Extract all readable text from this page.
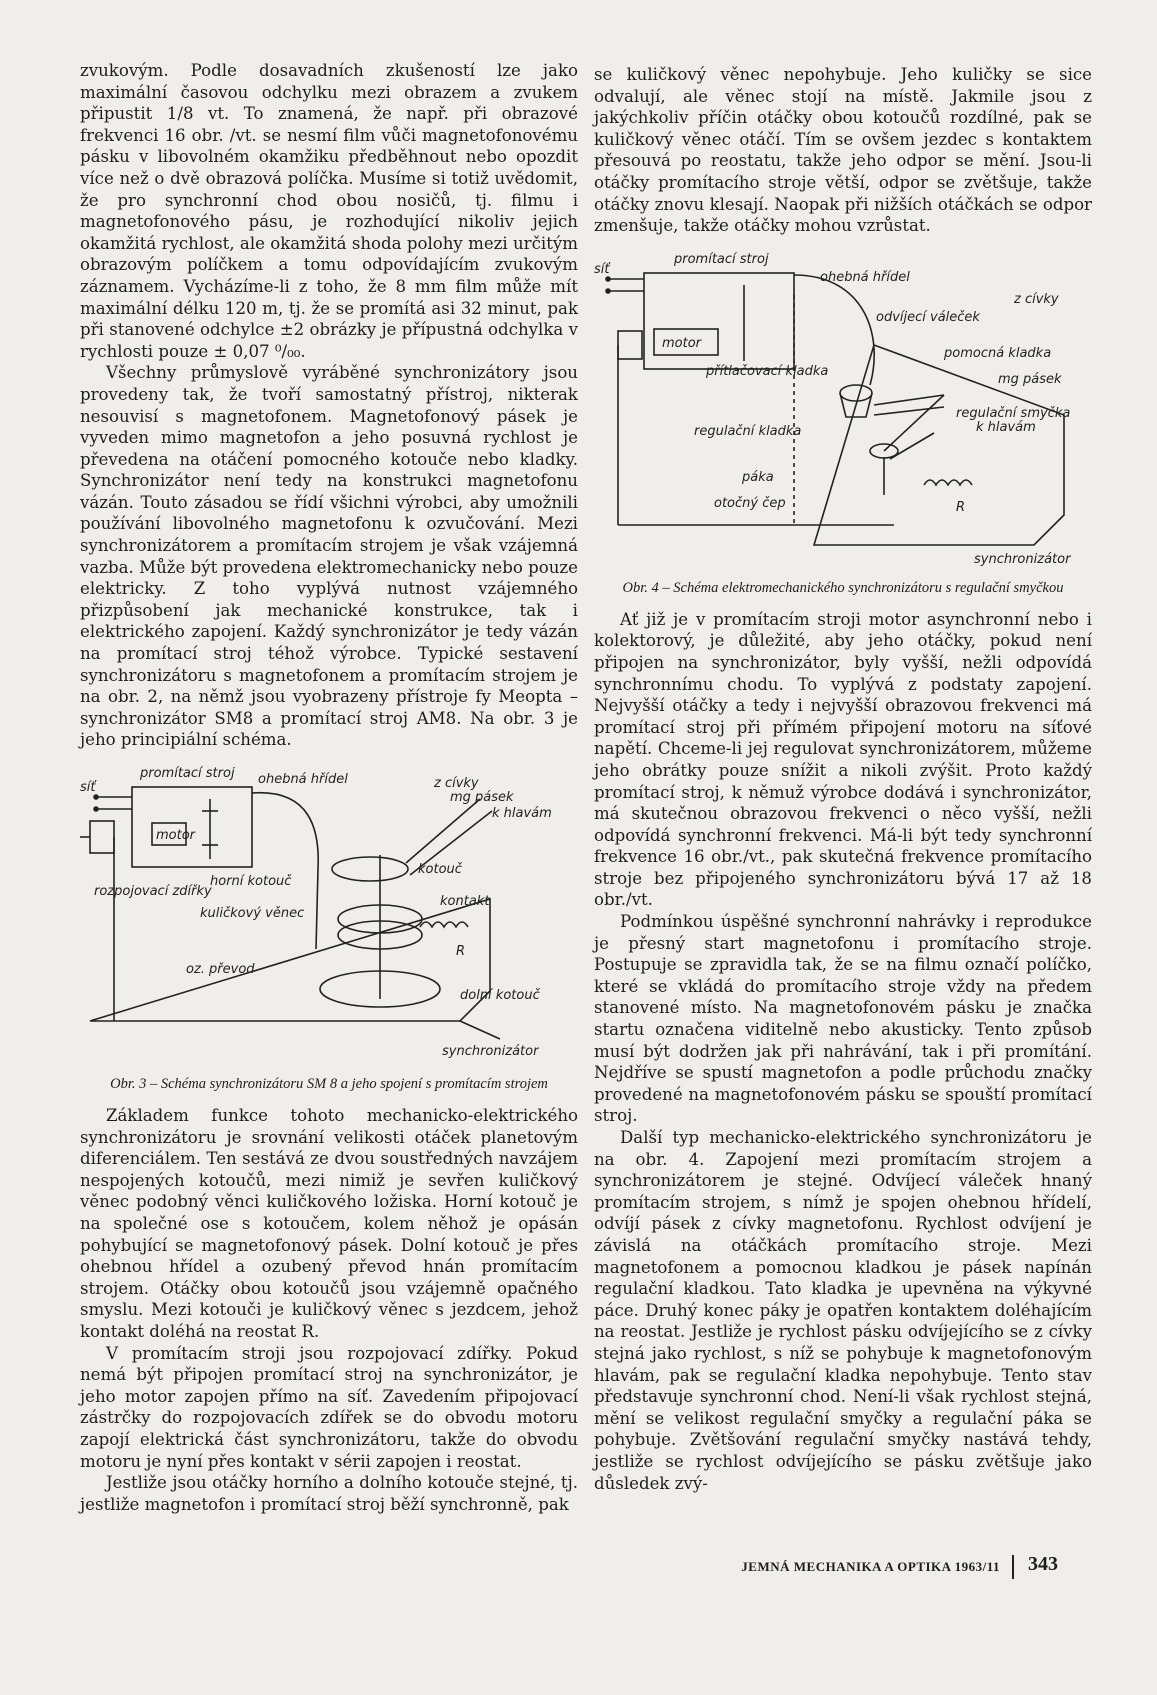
zvukovým. Podle dosavadních zkušeností lze jako maximální časovou odchylku mezi obrazem a zvukem připustit 1/8 vt. To znamená, že např. při obrazové frekvenci 16 obr. /vt. se nesmí film vůči magnetofonovému pásku v libovolném okamžiku předběhnout nebo opozdit více než o dvě obrazová políčka. Musíme si totiž uvědomit, že pro synchronní chod obou nosičů, tj. filmu i magnetofonového pásu, je rozhodující nikoliv jejich okamžitá rychlost, ale okamžitá shoda polohy mezi určitým obrazovým políčkem a tomu odpovídajícím zvukovým záznamem. Vycházíme-li z toho, že 8 mm film může mít maximální délku 120 m, tj. že se promítá asi 32 minut, pak při stanovené odchylce ±2 obrázky je přípustná odchylka v rychlosti pouze ± 0,07 ⁰/₀₀.

Všechny průmyslově vyráběné synchronizátory jsou provedeny tak, že tvoří samostatný přístroj, nikterak nesouvisí s magnetofonem. Magnetofonový pásek je vyveden mimo magnetofon a jeho posuvná rychlost je převedena na otáčení pomocného kotouče nebo kladky. Synchronizátor není tedy na konstrukci magnetofonu vázán. Touto zásadou se řídí všichni výrobci, aby umožnili používání libovolného magnetofonu k ozvučování. Mezi synchronizátorem a promítacím strojem je však vzájemná vazba. Může být provedena elektromechanicky nebo pouze elektricky. Z toho vyplývá nutnost vzájemného přizpůsobení jak mechanické konstrukce, tak i elektrického zapojení. Každý synchronizátor je tedy vázán na promítací stroj téhož výrobce. Typické sestavení synchronizátoru s magnetofonem a promítacím strojem je na obr. 2, na němž jsou vyobrazeny přístroje fy Meopta – synchronizátor SM8 a promítací stroj AM8. Na obr. 3 je jeho principiální schéma.

promítací stroj
síť
motor
ohebná hřídel	z cívky
mg pásek
k hlavám
horní kotouč
kotouč
rozpojovací zdířky
kontakt
kuličkový věnec
R
oz. převod
dolní kotouč
synchronizátor
Obr. 3 – Schéma synchronizátoru SM 8 a jeho spojení s promítacím strojem

Základem funkce tohoto mechanicko-elektrického synchronizátoru je srovnání velikosti otáček planetovým diferenciálem. Ten sestává ze dvou soustředných navzájem nespojených kotoučů, mezi nimiž je sevřen kuličkový věnec podobný věnci kuličkového ložiska. Horní kotouč je na společné ose s kotoučem, kolem něhož je opásán pohybující se magnetofonový pásek. Dolní kotouč je přes ohebnou hřídel a ozubený převod hnán promítacím strojem. Otáčky obou kotoučů jsou vzájemně opačného smyslu. Mezi kotouči je kuličkový věnec s jezdcem, jehož kontakt doléhá na reostat R.

V promítacím stroji jsou rozpojovací zdířky. Pokud nemá být připojen promítací stroj na synchronizátor, je jeho motor zapojen přímo na síť. Zavedením připojovací zástrčky do rozpojovacích zdířek se do obvodu motoru zapojí elektrická část synchronizátoru, takže do obvodu motoru je nyní přes kontakt v sérii zapojen i reostat.

Jestliže jsou otáčky horního a dolního kotouče stejné, tj. jestliže magnetofon i promítací stroj běží synchronně, pak

se kuličkový věnec nepohybuje. Jeho kuličky se sice odvalují, ale věnec stojí na místě. Jakmile jsou z jakýchkoliv příčin otáčky obou kotoučů rozdílné, pak se kuličkový věnec otáčí. Tím se ovšem jezdec s kontaktem přesouvá po reostatu, takže jeho odpor se mění. Jsou-li otáčky promítacího stroje větší, odpor se zvětšuje, takže otáčky znovu klesají. Naopak při nižších otáčkách se odpor zmenšuje, takže otáčky mohou vzrůstat.

promítací stroj
síť
motor
ohebná hřídel
odvíjecí váleček
z cívky
pomocná kladka
mg pásek
přítlačovací kladka
regulační smyčka
k hlavám
regulační kladka
páka
otočný čep	R
synchronizátor
Obr. 4 – Schéma elektromechanického synchronizátoru s regulační smyčkou

Ať již je v promítacím stroji motor asynchronní nebo i kolektorový, je důležité, aby jeho otáčky, pokud není připojen na synchronizátor, byly vyšší, nežli odpovídá synchronnímu chodu. To vyplývá z podstaty zapojení. Nejvyšší otáčky a tedy i nejvyšší obrazovou frekvenci má promítací stroj při přímém připojení motoru na síťové napětí. Chceme-li jej regulovat synchronizátorem, můžeme jeho obrátky pouze snížit a nikoli zvýšit. Proto každý promítací stroj, k němuž výrobce dodává i synchronizátor, má skutečnou obrazovou frekvenci o něco vyšší, nežli odpovídá synchronní frekvenci. Má-li být tedy synchronní frekvence 16 obr./vt., pak skutečná frekvence promítacího stroje bez připojeného synchronizátoru bývá 17 až 18 obr./vt.

Podmínkou úspěšné synchronní nahrávky i reprodukce je přesný start magnetofonu i promítacího stroje. Postupuje se zpravidla tak, že se na filmu označí políčko, které se vkládá do promítacího stroje vždy na předem stanovené místo. Na magnetofonovém pásku je značka startu označena viditelně nebo akusticky. Tento způsob musí být dodržen jak při nahrávání, tak i při promítání. Nejdříve se spustí magnetofon a podle průchodu značky provedené na magnetofonovém pásku se spouští promítací stroj.

Další typ mechanicko-elektrického synchronizátoru je na obr. 4. Zapojení mezi promítacím strojem a synchronizátorem je stejné. Odvíjecí váleček hnaný promítacím strojem, s nímž je spojen ohebnou hřídelí, odvíjí pásek z cívky magnetofonu. Rychlost odvíjení je závislá na otáčkách promítacího stroje. Mezi magnetofonem a pomocnou kladkou je pásek napínán regulační kladkou. Tato kladka je upevněna na výkyvné páce. Druhý konec páky je opatřen kontaktem doléhajícím na reostat. Jestliže je rychlost pásku odvíjejícího se z cívky stejná jako rychlost, s níž se pohybuje k magnetofonovým hlavám, pak se regulační kladka nepohybuje. Tento stav představuje synchronní chod. Není-li však rychlost stejná, mění se velikost regulační smyčky a regulační páka se pohybuje. Zvětšování regulační smyčky nastává tehdy, jestliže se rychlost odvíjejícího se pásku zvětšuje jako důsledek zvý-

JEMNÁ MECHANIKA A OPTIKA 1963/11 343
